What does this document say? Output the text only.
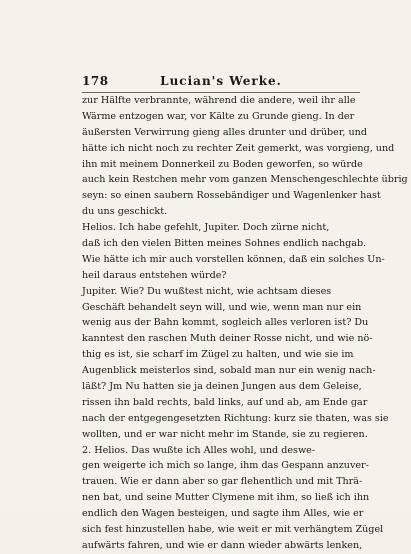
178	Lucian's Werke.
zur Hälfte verbrannte, während die andere, weil ihr alle
Wärme entzogen war, vor Kälte zu Grunde gieng. In der
äußersten Verwirrung gieng alles drunter und drüber, und
hätte ich nicht noch zu rechter Zeit gemerkt, was vorgieng, und
ihn mit meinem Donnerkeil zu Boden geworfen, so würde
auch kein Restchen mehr vom ganzen Menschengeschlechte übrig
seyn: so einen saubern Rossebändiger und Wagenlenker hast
du uns geschickt.
Helios. Ich habe gefehlt, Jupiter. Doch zürne nicht,
daß ich den vielen Bitten meines Sohnes endlich nachgab.
Wie hätte ich mir auch vorstellen können, daß ein solches Un-
heil daraus entstehen würde?
Jupiter. Wie? Du wußtest nicht, wie achtsam dieses
Geschäft behandelt seyn will, und wie, wenn man nur ein
wenig aus der Bahn kommt, sogleich alles verloren ist? Du
kanntest den raschen Muth deiner Rosse nicht, und wie nö-
thig es ist, sie scharf im Zügel zu halten, und wie sie im
Augenblick meisterlos sind, sobald man nur ein wenig nach-
läßt? Jm Nu hatten sie ja deinen Jungen aus dem Geleise,
rissen ihn bald rechts, bald links, auf und ab, am Ende gar
nach der entgegengesetzten Richtung: kurz sie thaten, was sie
wollten, und er war nicht mehr im Stande, sie zu regieren.
2. Helios. Das wußte ich Alles wohl, und deswe-
gen weigerte ich mich so lange, ihm das Gespann anzuver-
trauen. Wie er dann aber so gar flehentlich und mit Thrä-
nen bat, und seine Mutter Clymene mit ihm, so ließ ich ihn
endlich den Wagen besteigen, und sagte ihm Alles, wie er
sich fest hinzustellen habe, wie weit er mit verhängtem Zügel
aufwärts fahren, und wie er dann wieder abwärts lenken,
